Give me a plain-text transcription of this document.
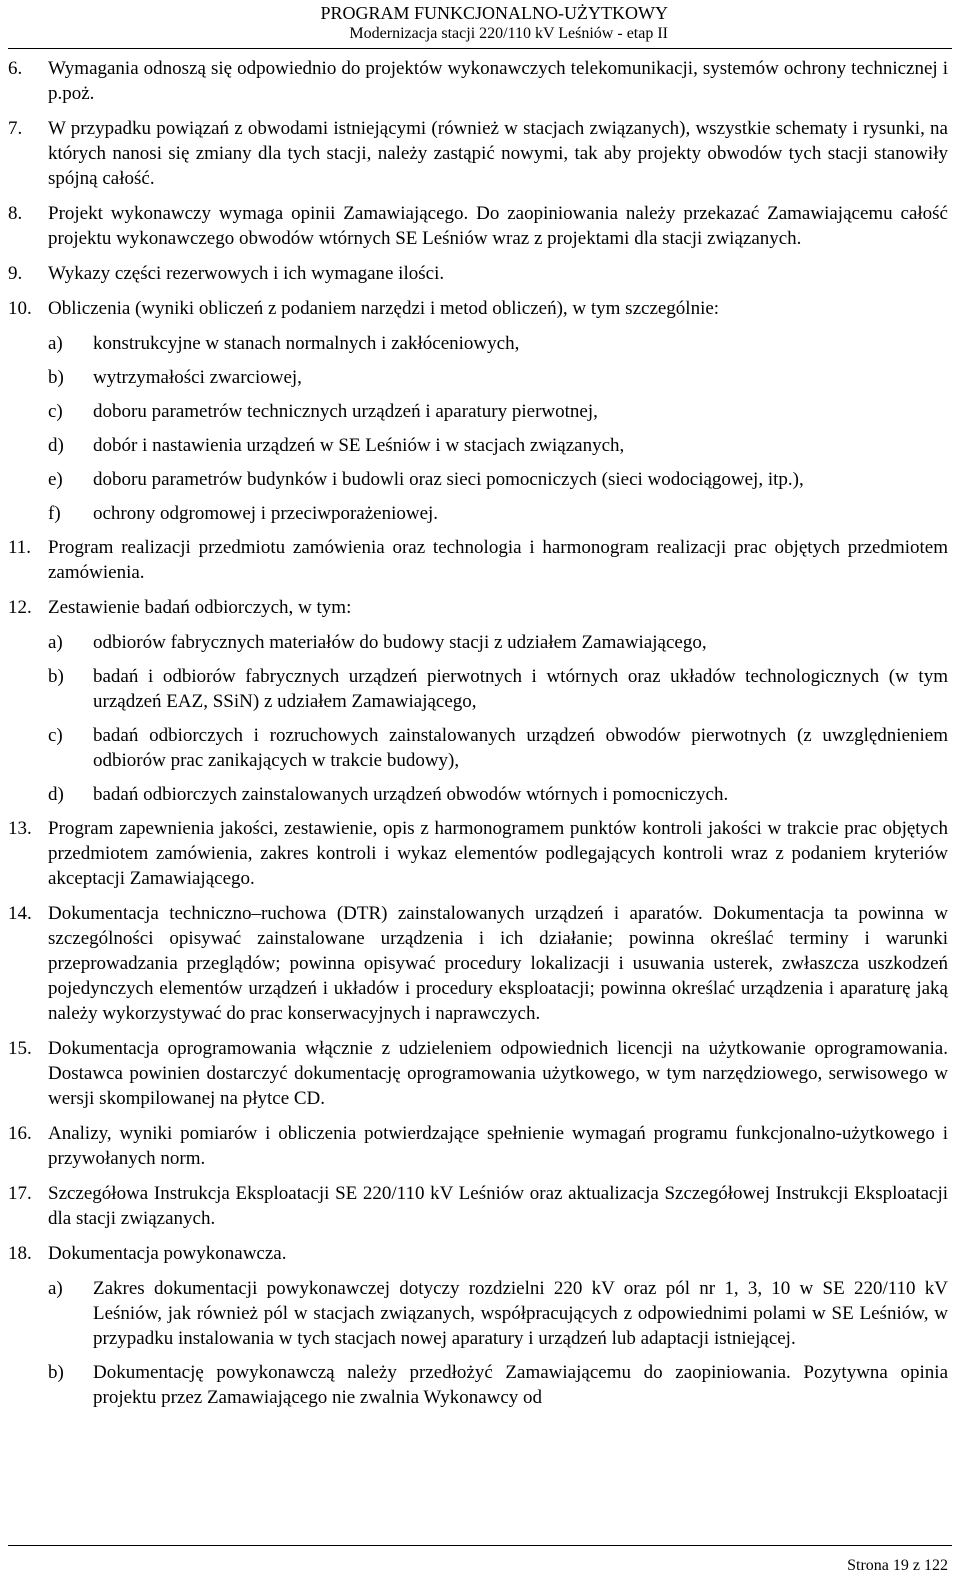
PROGRAM FUNKCJONALNO-UŻYTKOWY
Modernizacja stacji 220/110 kV Leśniów - etap II
6. Wymagania odnoszą się odpowiednio do projektów wykonawczych telekomunikacji, systemów ochrony technicznej i p.poż.
7. W przypadku powiązań z obwodami istniejącymi (również w stacjach związanych), wszystkie schematy i rysunki, na których nanosi się zmiany dla tych stacji, należy zastąpić nowymi, tak aby projekty obwodów tych stacji stanowiły spójną całość.
8. Projekt wykonawczy wymaga opinii Zamawiającego. Do zaopiniowania należy przekazać Zamawiającemu całość projektu wykonawczego obwodów wtórnych SE Leśniów wraz z projektami dla stacji związanych.
9. Wykazy części rezerwowych i ich wymagane ilości.
10. Obliczenia (wyniki obliczeń z podaniem narzędzi i metod obliczeń), w tym szczególnie:
a) konstrukcyjne w stanach normalnych i zakłóceniowych,
b) wytrzymałości zwarciowej,
c) doboru parametrów technicznych urządzeń i aparatury pierwotnej,
d) dobór i nastawienia urządzeń w SE Leśniów i w stacjach związanych,
e) doboru parametrów budynków i budowli oraz sieci pomocniczych (sieci wodociągowej, itp.),
f) ochrony odgromowej i przeciwporażeniowej.
11. Program realizacji przedmiotu zamówienia oraz technologia i harmonogram realizacji prac objętych przedmiotem zamówienia.
12. Zestawienie badań odbiorczych, w tym:
a) odbiorów fabrycznych materiałów do budowy stacji z udziałem Zamawiającego,
b) badań i odbiorów fabrycznych urządzeń pierwotnych i wtórnych oraz układów technologicznych (w tym urządzeń EAZ, SSiN) z udziałem Zamawiającego,
c) badań odbiorczych i rozruchowych zainstalowanych urządzeń obwodów pierwotnych (z uwzględnieniem odbiorów prac zanikających w trakcie budowy),
d) badań odbiorczych zainstalowanych urządzeń obwodów wtórnych i pomocniczych.
13. Program zapewnienia jakości, zestawienie, opis z harmonogramem punktów kontroli jakości w trakcie prac objętych przedmiotem zamówienia, zakres kontroli i wykaz elementów podlegających kontroli wraz z podaniem kryteriów akceptacji Zamawiającego.
14. Dokumentacja techniczno–ruchowa (DTR) zainstalowanych urządzeń i aparatów. Dokumentacja ta powinna w szczególności opisywać zainstalowane urządzenia i ich działanie; powinna określać terminy i warunki przeprowadzania przeglądów; powinna opisywać procedury lokalizacji i usuwania usterek, zwłaszcza uszkodzeń pojedynczych elementów urządzeń i układów i procedury eksploatacji; powinna określać urządzenia i aparaturę jaką należy wykorzystywać do prac konserwacyjnych i naprawczych.
15. Dokumentacja oprogramowania włącznie z udzieleniem odpowiednich licencji na użytkowanie oprogramowania. Dostawca powinien dostarczyć dokumentację oprogramowania użytkowego, w tym narzędziowego, serwisowego w wersji skompilowanej na płytce CD.
16. Analizy, wyniki pomiarów i obliczenia potwierdzające spełnienie wymagań programu funkcjonalno-użytkowego i przywołanych norm.
17. Szczegółowa Instrukcja Eksploatacji SE 220/110 kV Leśniów oraz aktualizacja Szczegółowej Instrukcji Eksploatacji dla stacji związanych.
18. Dokumentacja powykonawcza.
a) Zakres dokumentacji powykonawczej dotyczy rozdzielni 220 kV oraz pól nr 1, 3, 10 w SE 220/110 kV Leśniów, jak również pól w stacjach związanych, współpracujących z odpowiednimi polami w SE Leśniów, w przypadku instalowania w tych stacjach nowej aparatury i urządzeń lub adaptacji istniejącej.
b) Dokumentację powykonawczą należy przedłożyć Zamawiającemu do zaopiniowania. Pozytywna opinia projektu przez Zamawiającego nie zwalnia Wykonawcy od
Strona 19 z 122
